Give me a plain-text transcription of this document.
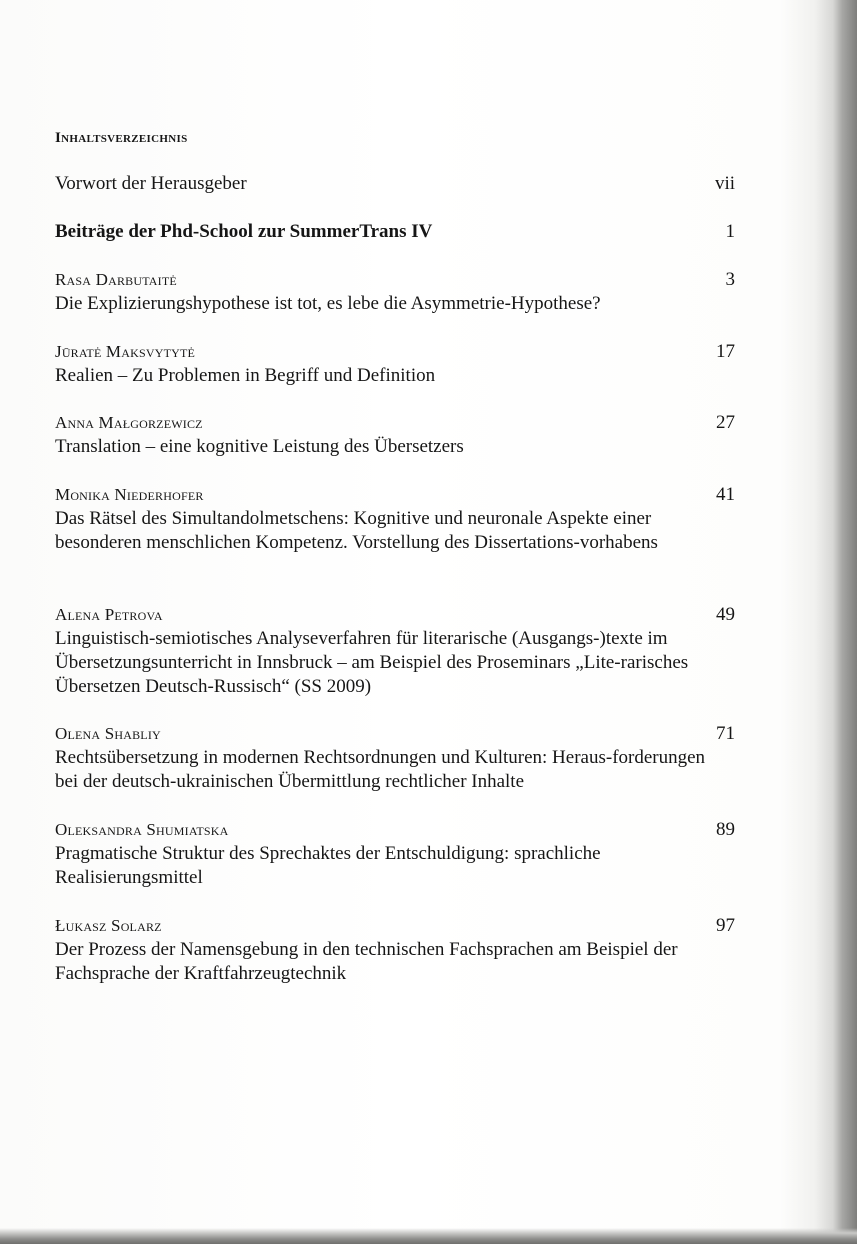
Inhaltsverzeichnis
Vorwort der Herausgeber	vii
Beiträge der Phd-School zur SummerTrans IV	1
Rasa Darbutaitė
Die Explizierungshypothese ist tot, es lebe die Asymmetrie-Hypothese?
3
Jūratė Maksvytytė
Realien – Zu Problemen in Begriff und Definition
17
Anna Małgorzewicz
Translation – eine kognitive Leistung des Übersetzers
27
Monika Niederhofer
Das Rätsel des Simultandolmetschens: Kognitive und neuronale Aspekte einer besonderen menschlichen Kompetenz. Vorstellung des Dissertations-vorhabens
41
Alena Petrova
Linguistisch-semiotisches Analyseverfahren für literarische (Ausgangs-)texte im Übersetzungsunterricht in Innsbruck – am Beispiel des Proseminars „Lite-rarisches Übersetzen Deutsch-Russisch“ (SS 2009)
49
Olena Shabliy
Rechtsübersetzung in modernen Rechtsordnungen und Kulturen: Heraus-forderungen bei der deutsch-ukrainischen Übermittlung rechtlicher Inhalte
71
Oleksandra Shumiatska
Pragmatische Struktur des Sprechaktes der Entschuldigung: sprachliche Realisierungsmittel
89
Łukasz Solarz
Der Prozess der Namensgebung in den technischen Fachsprachen am Beispiel der Fachsprache der Kraftfahrzeugtechnik
97
